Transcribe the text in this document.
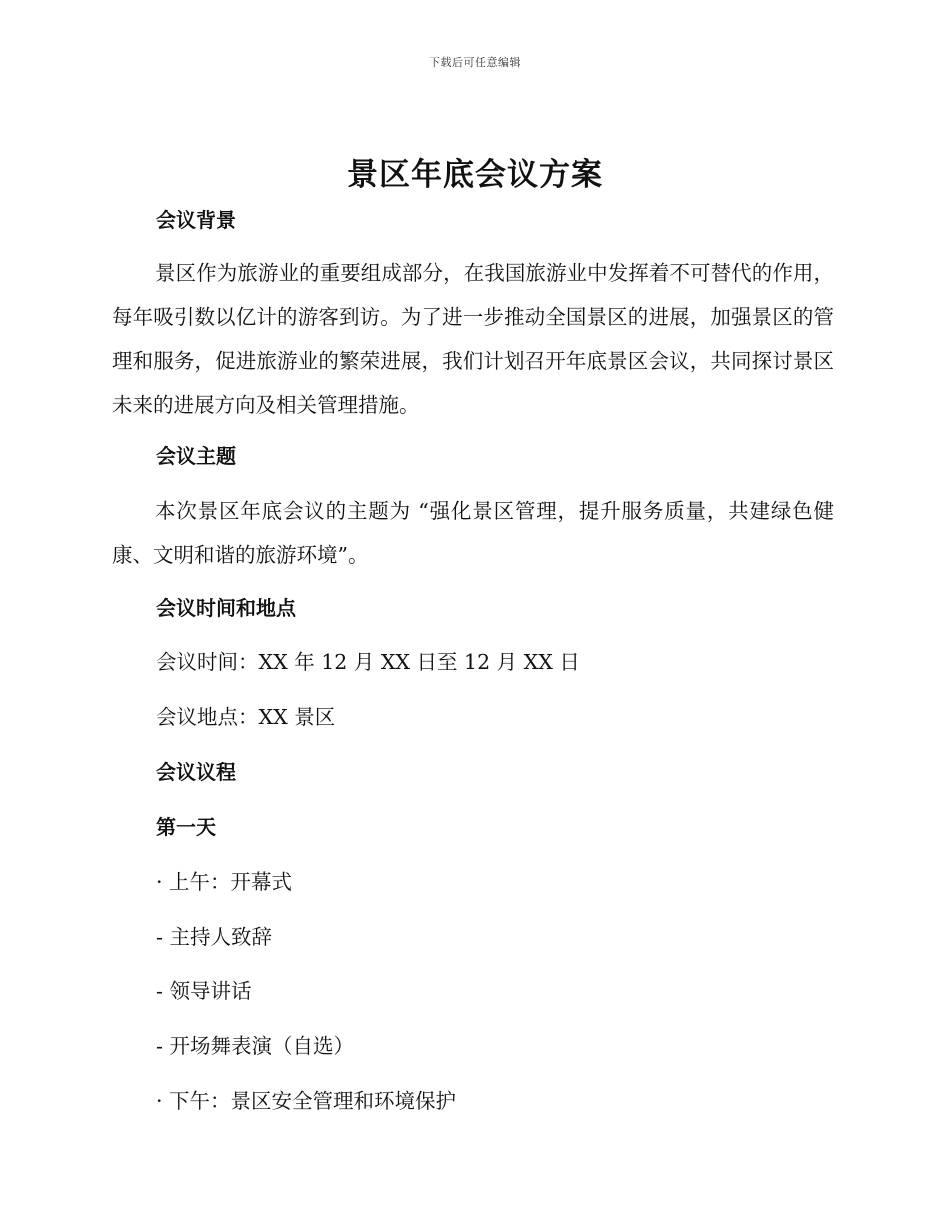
下载后可任意编辑
景区年底会议方案
会议背景

景区作为旅游业的重要组成部分，在我国旅游业中发挥着不可替代的作用，每年吸引数以亿计的游客到访。为了进一步推动全国景区的进展，加强景区的管理和服务，促进旅游业的繁荣进展，我们计划召开年底景区会议，共同探讨景区未来的进展方向及相关管理措施。

会议主题

本次景区年底会议的主题为 “强化景区管理，提升服务质量，共建绿色健康、文明和谐的旅游环境”。

会议时间和地点
会议时间：XX 年 12 月 XX 日至 12 月 XX 日
会议地点：XX 景区
会议议程
第一天
· 上午：开幕式
- 主持人致辞
- 领导讲话
- 开场舞表演（自选）
· 下午：景区安全管理和环境保护
